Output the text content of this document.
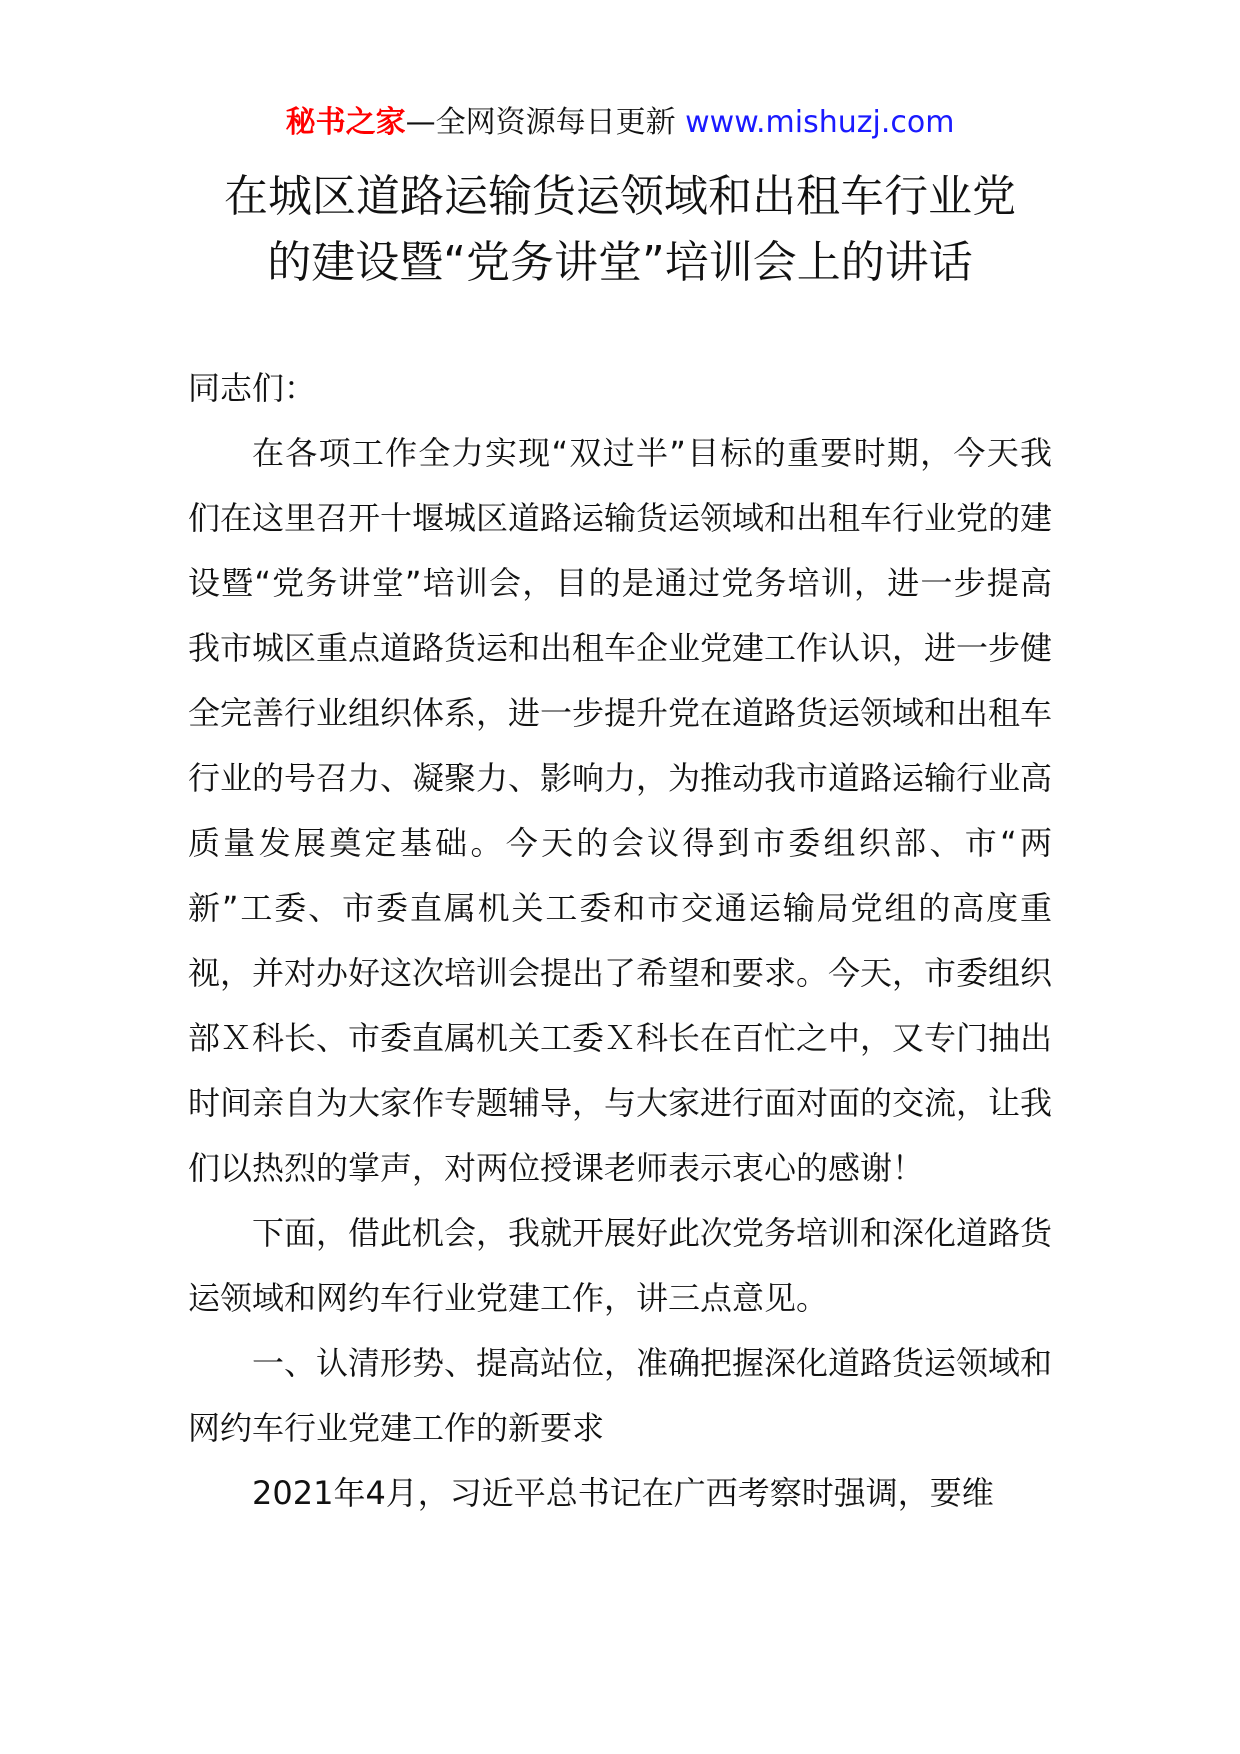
秘书之家—全网资源每日更新 www.mishuzj.com
在城区道路运输货运领域和出租车行业党
的建设暨“党务讲堂”培训会上的讲话

同志们：

在各项工作全力实现“双过半”目标的重要时期，今天我们在这里召开十堰城区道路运输货运领域和出租车行业党的建设暨“党务讲堂”培训会，目的是通过党务培训，进一步提高我市城区重点道路货运和出租车企业党建工作认识，进一步健全完善行业组织体系，进一步提升党在道路货运领域和出租车行业的号召力、凝聚力、影响力，为推动我市道路运输行业高质量发展奠定基础。今天的会议得到市委组织部、市“两新”工委、市委直属机关工委和市交通运输局党组的高度重视，并对办好这次培训会提出了希望和要求。今天，市委组织部Ｘ科长、市委直属机关工委Ｘ科长在百忙之中，又专门抽出时间亲自为大家作专题辅导，与大家进行面对面的交流，让我们以热烈的掌声，对两位授课老师表示衷心的感谢！

下面，借此机会，我就开展好此次党务培训和深化道路货运领域和网约车行业党建工作，讲三点意见。

一、认清形势、提高站位，准确把握深化道路货运领域和网约车行业党建工作的新要求

2021年4月，习近平总书记在广西考察时强调，要维
